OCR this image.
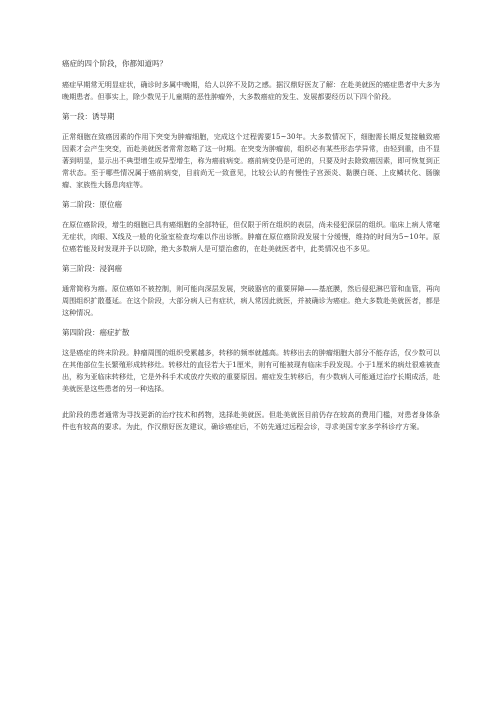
癌症的四个阶段，你都知道吗？

癌症早期常无明显症状，确诊时多属中晚期，给人以猝不及防之感。据汉鼎好医友了解：在赴美就医的癌症患者中大多为晚期患者。但事实上，除少数见于儿童期的恶性肿瘤外，大多数癌症的发生、发展都要经历以下四个阶段。

第一段：诱导期

正常细胞在致癌因素的作用下突变为肿瘤细胞，完成这个过程需要15~30年。大多数情况下，细胞需长期反复接触致癌因素才会产生突变，而赴美就医者常常忽略了这一时期。在突变为肿瘤前，组织必有某些形态学异常，由轻到重，由不显著到明显，显示出不典型增生或异型增生，称为癌前病变。癌前病变仍是可逆的，只要及时去除致癌因素，即可恢复到正常状态。至于哪些情况属于癌前病变，目前尚无一致意见，比较公认的有慢性子宫颈炎、黏膜白斑、上皮鳞状化、肠腺瘤、家族性大肠息肉症等。

第二阶段：原位癌

在原位癌阶段，增生的细胞已具有癌细胞的全部特征，但仅限于所在组织的表层，尚未侵犯深层的组织。临床上病人常毫无症状，肉眼、X线及一般的化验室检查均难以作出诊断。肿瘤在原位癌阶段发展十分缓慢，维持的时间为5~10年。原位癌若能及时发现并予以切除，绝大多数病人是可望治愈的，在赴美就医者中，此类情况也不多见。

第三阶段：浸润癌

通常简称为癌。原位癌如不被控制，则可能向深层发展，突破器官的重要屏障——基底膜，然后侵犯淋巴管和血管，再向周围组织扩散蔓延。在这个阶段，大部分病人已有症状，病人常因此就医，并被确诊为癌症。绝大多数赴美就医者，都是这种情况。

第四阶段：癌症扩散

这是癌症的终末阶段。肿瘤周围的组织受累越多，转移的频率就越高。转移出去的肿瘤细胞大部分不能存活，仅少数可以在其他部位生长繁殖形成转移灶。转移灶的直径若大于1厘米，则有可能被现有临床手段发现。小于1厘米的病灶很难被查出，称为亚临床转移灶，它是外科手术或放疗失败的重要原因。癌症发生转移后，有少数病人可能通过治疗长期成活，赴美就医是这些患者的另一种选择。

此阶段的患者通常为寻找更新的治疗技术和药物，选择赴美就医。但赴美就医目前仍存在较高的费用门槛，对患者身体条件也有较高的要求。为此，作汉鼎好医友建议，确诊癌症后，不妨先通过远程会诊，寻求美国专家多学科诊疗方案。
